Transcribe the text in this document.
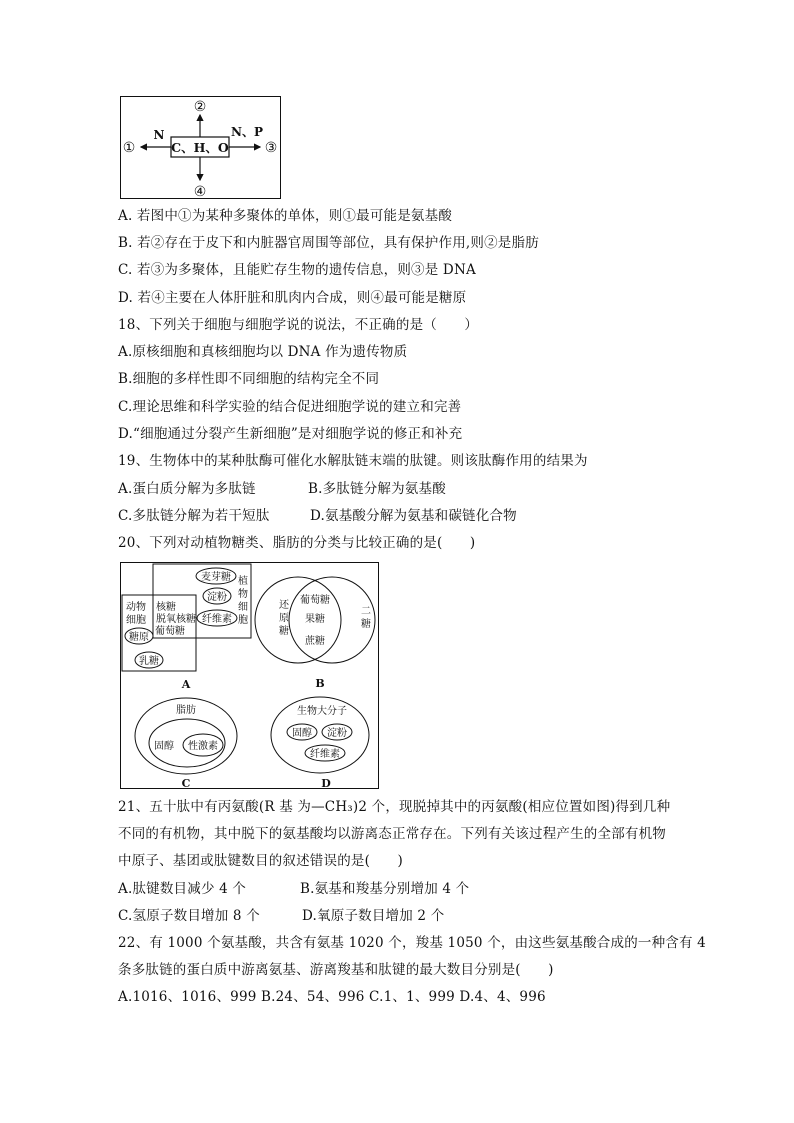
C、H、O
②
④
①	③
N	N、P
A. 若图中①为某种多聚体的单体，则①最可能是氨基酸
B. 若②存在于皮下和内脏器官周围等部位，具有保护作用,则②是脂肪
C. 若③为多聚体，且能贮存生物的遗传信息，则③是 DNA
D. 若④主要在人体肝脏和肌肉内合成，则④最可能是糖原
18、下列关于细胞与细胞学说的说法，不正确的是（　　）
A.原核细胞和真核细胞均以 DNA 作为遗传物质
B.细胞的多样性即不同细胞的结构完全不同
C.理论思维和科学实验的结合促进细胞学说的建立和完善
D.“细胞通过分裂产生新细胞”是对细胞学说的修正和补充
19、生物体中的某种肽酶可催化水解肽链末端的肽键。则该肽酶作用的结果为
A.蛋白质分解为多肽链	B.多肽链分解为氨基酸
C.多肽链分解为若干短肽	D.氨基酸分解为氨基和碳链化合物
20、下列对动植物糖类、脂肪的分类与比较正确的是(　　)
动物
细胞
核糖
脱氧核糖
葡萄糖
植
物
细
胞
麦芽糖
淀粉
纤维素
糖原
乳糖
A
还
原
糖
二
糖
葡萄糖
果糖
蔗糖
B
脂肪
固醇 性激素
C
生物大分子
固醇 淀粉
纤维素
D
21、五十肽中有丙氨酸(R 基 为—CH₃)2 个，现脱掉其中的丙氨酸(相应位置如图)得到几种
不同的有机物，其中脱下的氨基酸均以游离态正常存在。下列有关该过程产生的全部有机物
中原子、基团或肽键数目的叙述错误的是(　　)
A.肽键数目减少 4 个	B.氨基和羧基分别增加 4 个
C.氢原子数目增加 8 个	D.氧原子数目增加 2 个
22、有 1000 个氨基酸，共含有氨基 1020 个，羧基 1050 个，由这些氨基酸合成的一种含有 4
条多肽链的蛋白质中游离氨基、游离羧基和肽键的最大数目分别是(　　)
A.1016、1016、999 B.24、54、996 C.1、1、999 D.4、4、996
